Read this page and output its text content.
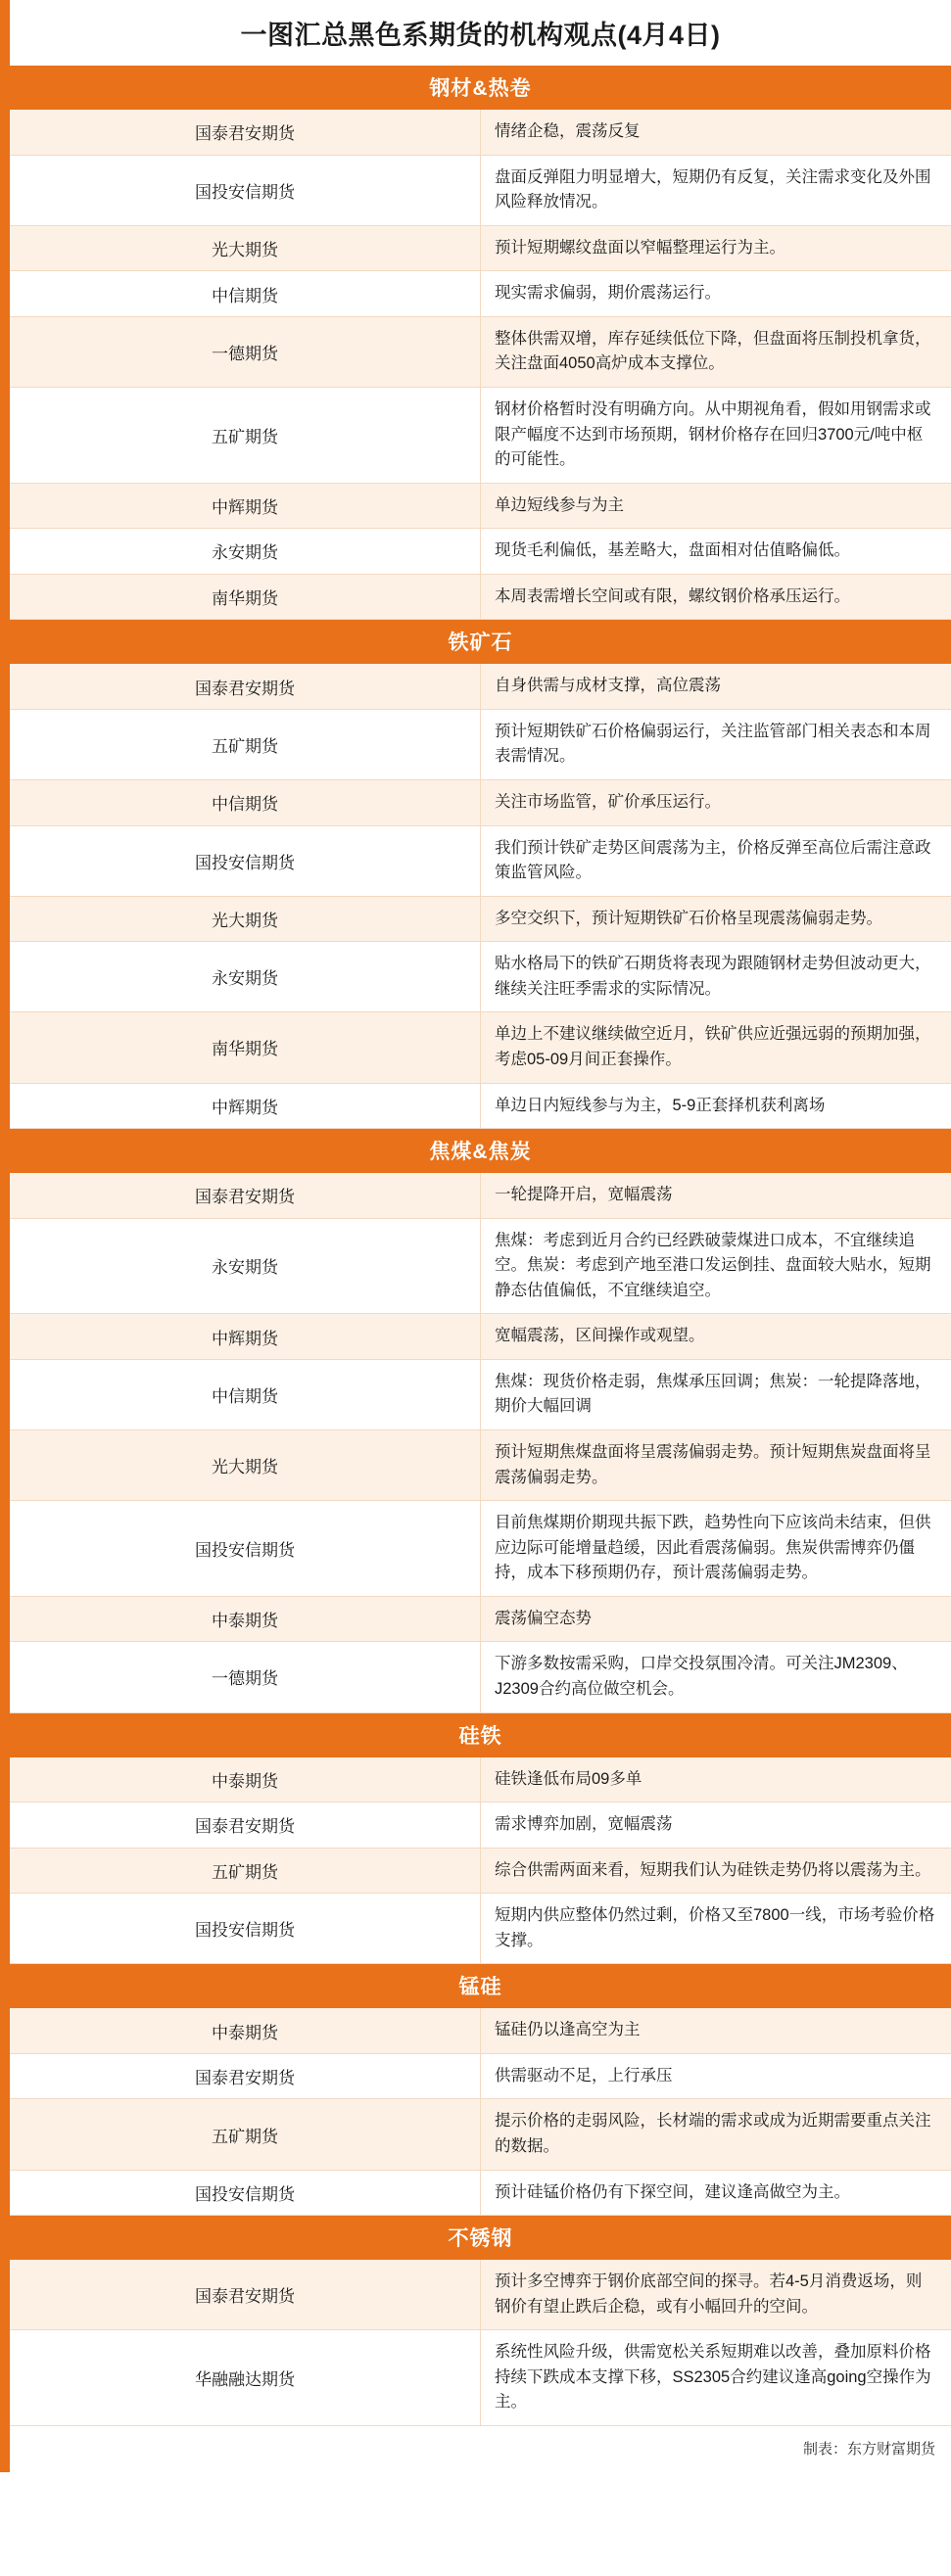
一图汇总黑色系期货的机构观点(4月4日)
钢材&热卷	
国泰君安期货	情绪企稳，震荡反复
国投安信期货	盘面反弹阻力明显增大，短期仍有反复，关注需求变化及外围风险释放情况。
光大期货	预计短期螺纹盘面以窄幅整理运行为主。
中信期货	现实需求偏弱，期价震荡运行。
一德期货	整体供需双增，库存延续低位下降，但盘面将压制投机拿货，关注盘面4050高炉成本支撑位。
五矿期货	钢材价格暂时没有明确方向。从中期视角看，假如用钢需求或限产幅度不达到市场预期，钢材价格存在回归3700元/吨中枢的可能性。
中辉期货	单边短线参与为主
永安期货	现货毛利偏低，基差略大，盘面相对估值略偏低。
南华期货	本周表需增长空间或有限，螺纹钢价格承压运行。
铁矿石	
国泰君安期货	自身供需与成材支撑，高位震荡
五矿期货	预计短期铁矿石价格偏弱运行，关注监管部门相关表态和本周表需情况。
中信期货	关注市场监管，矿价承压运行。
国投安信期货	我们预计铁矿走势区间震荡为主，价格反弹至高位后需注意政策监管风险。
光大期货	多空交织下，预计短期铁矿石价格呈现震荡偏弱走势。
永安期货	贴水格局下的铁矿石期货将表现为跟随钢材走势但波动更大，继续关注旺季需求的实际情况。
南华期货	单边上不建议继续做空近月，铁矿供应近强远弱的预期加强，考虑05-09月间正套操作。
中辉期货	单边日内短线参与为主，5-9正套择机获利离场
焦煤&焦炭	
国泰君安期货	一轮提降开启，宽幅震荡
永安期货	焦煤：考虑到近月合约已经跌破蒙煤进口成本，不宜继续追空。焦炭：考虑到产地至港口发运倒挂、盘面较大贴水，短期静态估值偏低，不宜继续追空。
中辉期货	宽幅震荡，区间操作或观望。
中信期货	焦煤：现货价格走弱，焦煤承压回调；焦炭：一轮提降落地，期价大幅回调
光大期货	预计短期焦煤盘面将呈震荡偏弱走势。预计短期焦炭盘面将呈震荡偏弱走势。
国投安信期货	目前焦煤期价期现共振下跌，趋势性向下应该尚未结束，但供应边际可能增量趋缓，因此看震荡偏弱。焦炭供需博弈仍僵持，成本下移预期仍存，预计震荡偏弱走势。
中泰期货	震荡偏空态势
一德期货	下游多数按需采购，口岸交投氛围冷清。可关注JM2309、J2309合约高位做空机会。
硅铁	
中泰期货	硅铁逢低布局09多单
国泰君安期货	需求博弈加剧，宽幅震荡
五矿期货	综合供需两面来看，短期我们认为硅铁走势仍将以震荡为主。
国投安信期货	短期内供应整体仍然过剩，价格又至7800一线，市场考验价格支撑。
锰硅	
中泰期货	锰硅仍以逢高空为主
国泰君安期货	供需驱动不足，上行承压
五矿期货	提示价格的走弱风险，长材端的需求或成为近期需要重点关注的数据。
国投安信期货	预计硅锰价格仍有下探空间，建议逢高做空为主。
不锈钢	
国泰君安期货	预计多空博弈于钢价底部空间的探寻。若4-5月消费返场，则钢价有望止跌后企稳，或有小幅回升的空间。
华融融达期货	系统性风险升级，供需宽松关系短期难以改善，叠加原料价格持续下跌成本支撑下移，SS2305合约建议逢高going空操作为主。
制表：东方财富期货
